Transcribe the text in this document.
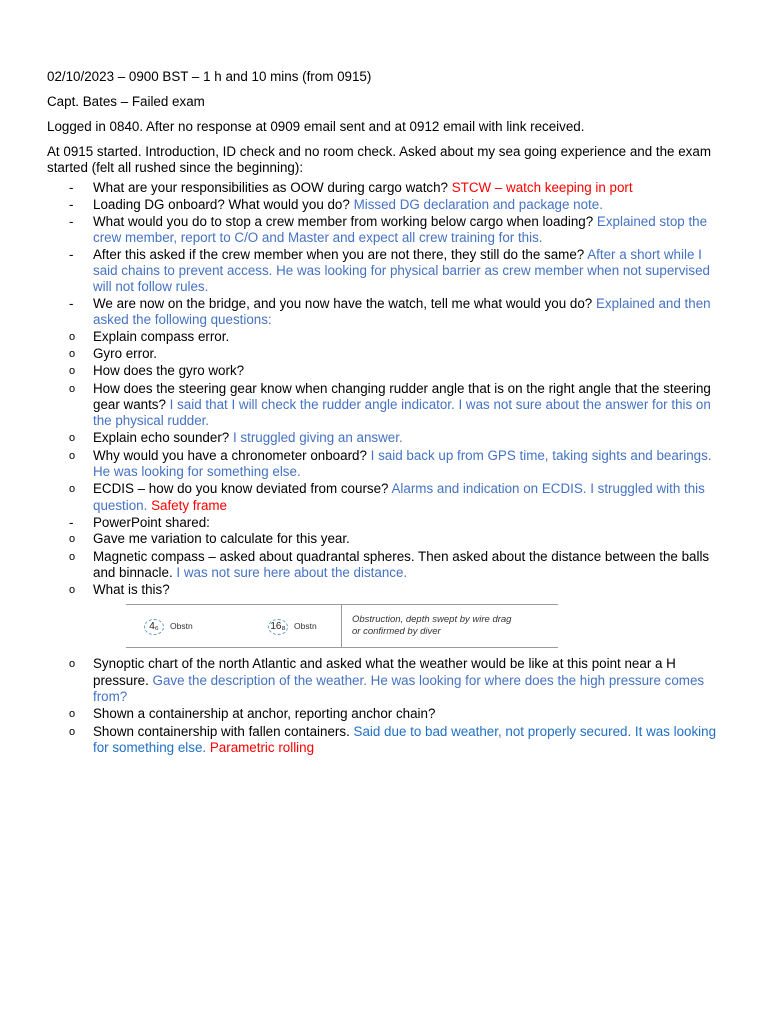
02/10/2023 – 0900 BST – 1 h and 10 mins (from 0915)

Capt. Bates – Failed exam

Logged in 0840. After no response at 0909 email sent and at 0912 email with link received.

At 0915 started. Introduction, ID check and no room check. Asked about my sea going experience and the exam started (felt all rushed since the beginning):

- What are your responsibilities as OOW during cargo watch? STCW – watch keeping in port
- Loading DG onboard? What would you do? Missed DG declaration and package note.
- What would you do to stop a crew member from working below cargo when loading? Explained stop the crew member, report to C/O and Master and expect all crew training for this.
- After this asked if the crew member when you are not there, they still do the same? After a short while I said chains to prevent access. He was looking for physical barrier as crew member when not supervised will not follow rules.
- We are now on the bridge, and you now have the watch, tell me what would you do? Explained and then asked the following questions:
o Explain compass error.
o Gyro error.
o How does the gyro work?
o How does the steering gear know when changing rudder angle that is on the right angle that the steering gear wants? I said that I will check the rudder angle indicator. I was not sure about the answer for this on the physical rudder.
o Explain echo sounder? I struggled giving an answer.
o Why would you have a chronometer onboard? I said back up from GPS time, taking sights and bearings. He was looking for something else.
o ECDIS – how do you know deviated from course? Alarms and indication on ECDIS. I struggled with this question. Safety frame
- PowerPoint shared:
o Gave me variation to calculate for this year.
o Magnetic compass – asked about quadrantal spheres. Then asked about the distance between the balls and binnacle. I was not sure here about the distance.
o What is this?
4₆	Obstn	16₈ Obstn
Obstruction, depth swept by wire drag
or confirmed by diver
o Synoptic chart of the north Atlantic and asked what the weather would be like at this point near a H pressure. Gave the description of the weather. He was looking for where does the high pressure comes from?
o Shown a containership at anchor, reporting anchor chain?
o Shown containership with fallen containers. Said due to bad weather, not properly secured. It was looking for something else. Parametric rolling
